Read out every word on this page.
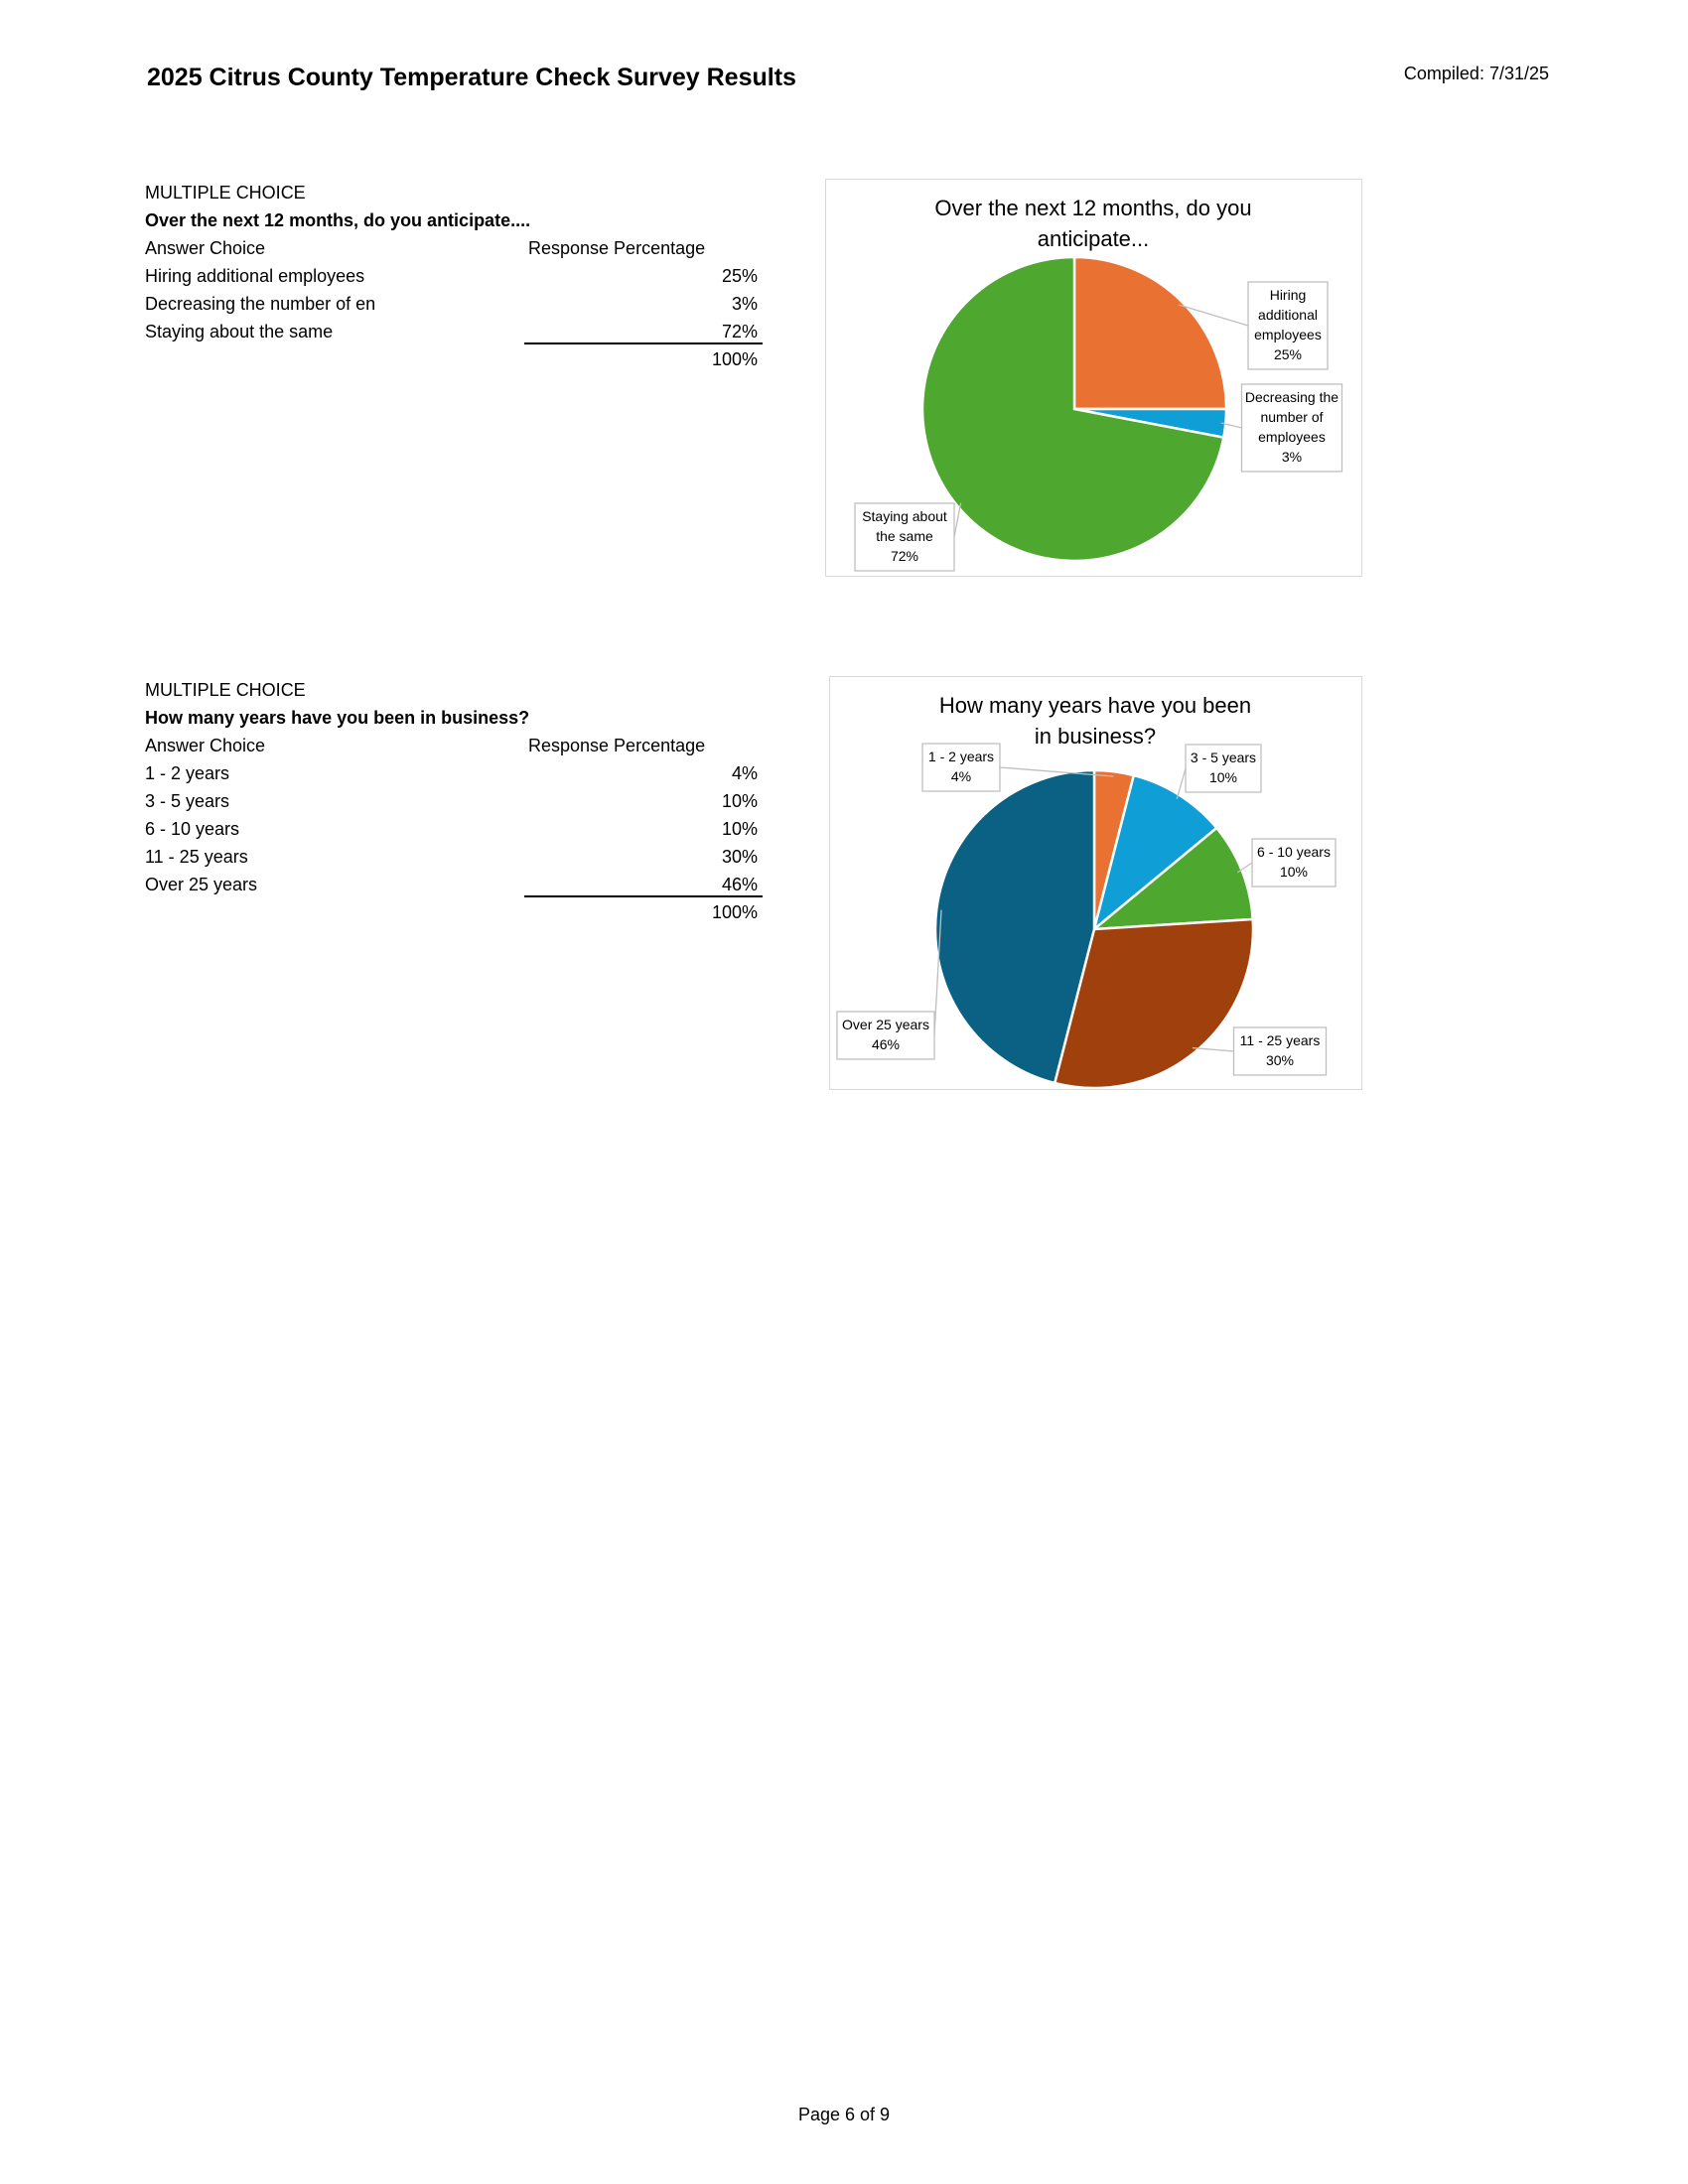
2025 Citrus County Temperature Check Survey Results	Compiled: 7/31/25
MULTIPLE CHOICE
Over the next 12 months, do you anticipate....
Answer Choice	Response Percentage
Hiring additional employees	25%
Decreasing the number of en	3%
Staying about the same	72%
100%
Over the next 12 months, do you anticipate...
Hiring additional employees 25%
Decreasing the number of employees 3%
Staying about the same 72%
MULTIPLE CHOICE
How many years have you been in business?
Answer Choice	Response Percentage
1 - 2 years	4%
3 - 5 years	10%
6 - 10 years	10%
11 - 25 years	30%
Over 25 years	46%
100%
How many years have you been in business?
1 - 2 years 4%
3 - 5 years 10%
6 - 10 years 10%
11 - 25 years 30%
Over 25 years 46%
Page 6 of 9
